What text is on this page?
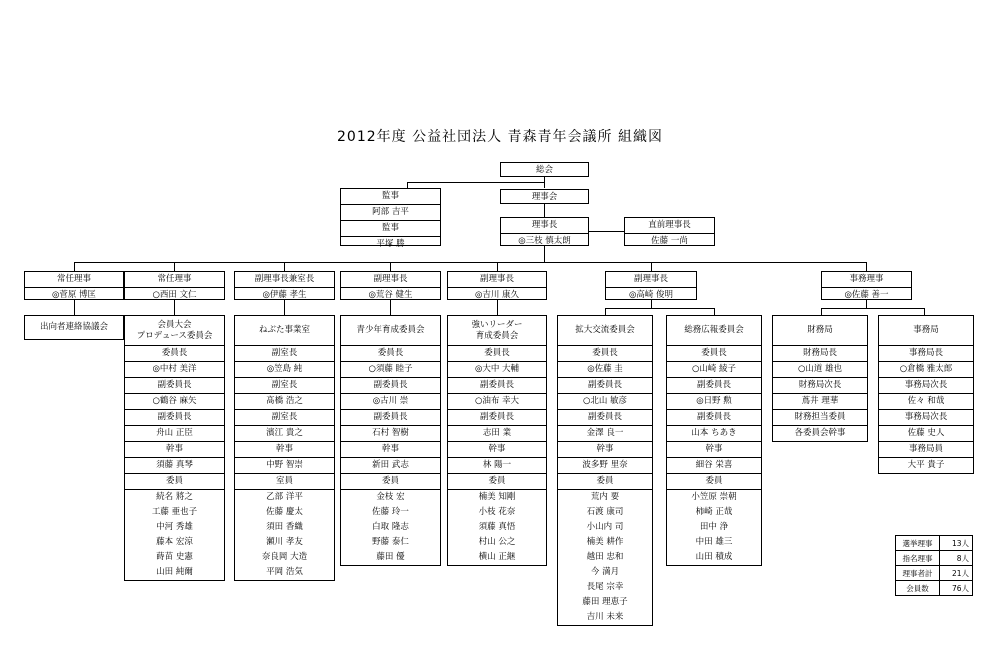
2012年度 公益社団法人 青森青年会議所 組織図
総会
監事
阿部 吉平
監事
平塚 勝
理事会
理事長
◎三枝 慎太朗
直前理事長
佐藤 一尚
常任理事
◎菅原 博匡
常任理事
○西田 文仁
副理事長兼室長
◎伊藤 孝生
副理事長
◎荒谷 健生
副理事長
◎吉川 康久
副理事長
◎高崎 俊明
事務理事
◎佐藤 善一
出向者連絡協議会	会員大会
プロデュース委員会
委員長
◎中村 美洋
副委員長
○鶴谷 麻矢
副委員長
舟山 正臣
幹事
須藤 真琴
委員
続名 將之
工藤 亜也子
中河 秀雄
藤本 宏涼
蒔苗 史憲
山田 純爾
ねぶた事業室
副室長
◎笠島 純
副室長
髙橋 浩之
副室長
濱江 貴之
幹事
中野 智崇
室員
乙部 洋平
佐藤 慶太
須田 香織
瀬川 孝友
奈良岡 大造
平岡 浩気
青少年育成委員会
委員長
○須藤 睦子
副委員長
◎古川 崇
副委員長
石村 智樹
幹事
新田 武志
委員
金枝 宏
佐藤 玲一
白取 隆志
野藤 泰仁
藤田 優
強いリーダー
育成委員会
委員長
◎大中 大輔
副委員長
○油布 幸大
副委員長
志田 業
幹事
林 陽一
委員
楠美 知剛
小枝 花奈
須藤 真悟
村山 公之
横山 正継
拡大交流委員会
委員長
◎佐藤 圭
副委員長
○北山 敏彦
副委員長
金澤 良一
幹事
波多野 里奈
委員
荒内 要
石渡 康司
小山内 司
楠美 耕作
越田 忠和
今 満月
長尾 宗幸
藤田 理恵子
吉川 未来
総務広報委員会
委員長
○山崎 綾子
副委員長
◎日野 勲
副委員長
山本 ちあき
幹事
細谷 栄喜
委員
小笠原 崇朝
柿崎 正哉
田中 浄
中田 雄三
山田 積成
財務局
財務局長
○山道 雄也
財務局次長
蔦井 理華
財務担当委員
各委員会幹事
事務局
事務局長
○倉橋 雅太郎
事務局次長
佐々 和哉
事務局次長
佐藤 史人
事務局員
大平 貴子
選挙理事	13人
指名理事	8人
理事者計	21人
会員数	76人
